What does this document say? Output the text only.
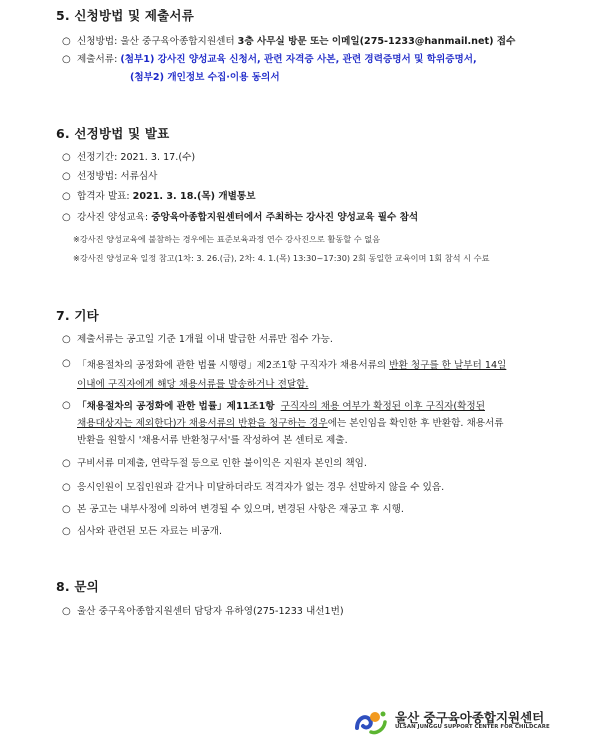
5. 신청방법 및 제출서류
○ 신청방법: 울산 중구육아종합지원센터 3층 사무실 방문 또는 이메일(275-1233@hanmail.net) 접수
○ 제출서류: (첨부1) 강사진 양성교육 신청서, 관련 자격증 사본, 관련 경력증명서 및 학위증명서,
(첨부2) 개인정보 수집·이용 동의서
6. 선정방법 및 발표
○ 선정기간: 2021. 3. 17.(수)
○ 선정방법: 서류심사
○ 합격자 발표: 2021. 3. 18.(목) 개별통보
○ 강사진 양성교육: 중앙육아종합지원센터에서 주최하는 강사진 양성교육 필수 참석
※강사진 양성교육에 불참하는 경우에는 표준보육과정 연수 강사진으로 활동할 수 없음
※강사진 양성교육 일정 참고(1차: 3. 26.(금), 2차: 4. 1.(목) 13:30~17:30) 2회 동일한 교육이며 1회 참석 시 수료
7. 기타
○ 제출서류는 공고일 기준 1개월 이내 발급한 서류만 접수 가능.
○ 「채용절차의 공정화에 관한 법률 시행령」제2조1항 구직자가 채용서류의 반환 청구를 한 날부터 14일
이내에 구직자에게 해당 채용서류를 발송하거나 전달함.
○ 「채용절차의 공정화에 관한 법률」제11조1항 구직자의 채용 여부가 확정된 이후 구직자(확정된
채용대상자는 제외한다)가 채용서류의 반환을 청구하는 경우에는 본인임을 확인한 후 반환함. 채용서류
반환을 원할시 '채용서류 반환청구서'를 작성하여 본 센터로 제출.
○ 구비서류 미제출, 연락두절 등으로 인한 불이익은 지원자 본인의 책임.
○ 응시인원이 모집인원과 같거나 미달하더라도 적격자가 없는 경우 선발하지 않을 수 있음.
○ 본 공고는 내부사정에 의하여 변경될 수 있으며, 변경된 사항은 재공고 후 시행.
○ 심사와 관련된 모든 자료는 비공개.
8. 문의
○ 울산 중구육아종합지원센터 담당자 유하영(275-1233 내선1번)
울산 중구육아종합지원센터
ULSAN JUNGGU SUPPORT CENTER FOR CHILDCARE
